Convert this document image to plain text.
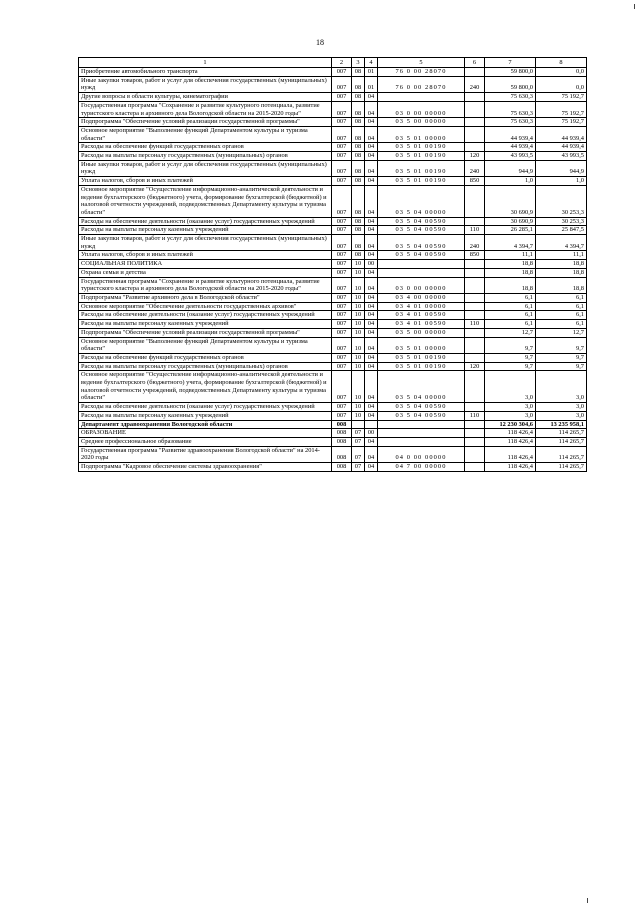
18
1	2	3	4	5	6	7	8
Приобретение автомобильного транспорта	007	08	01	76 0 00 28070		59 800,0	0,0
Иные закупки товаров, работ и услуг для обеспечения государственных (муниципальных) нужд	007	08	01	76 0 00 28070	240	59 800,0	0,0
Другие вопросы в области культуры, кинематографии	007	08	04			75 630,3	75 192,7
Государственная программа "Сохранение и развитие культурного потенциала, развитие туристского кластера и архивного дела Вологодской области на 2015-2020 годы"	007	08	04	03 0 00 00000		75 630,3	75 192,7
Подпрограмма "Обеспечение условий реализации государственной программы"	007	08	04	03 5 00 00000		75 630,3	75 192,7
Основное мероприятие "Выполнение функций Департаментом культуры и туризма области"	007	08	04	03 5 01 00000		44 939,4	44 939,4
Расходы на обеспечение функций государственных органов	007	08	04	03 5 01 00190		44 939,4	44 939,4
Расходы на выплаты персоналу государственных (муниципальных) органов	007	08	04	03 5 01 00190	120	43 993,5	43 993,5
Иные закупки товаров, работ и услуг для обеспечения государственных (муниципальных) нужд	007	08	04	03 5 01 00190	240	944,9	944,9
Уплата налогов, сборов и иных платежей	007	08	04	03 5 01 00190	850	1,0	1,0
Основное мероприятие "Осуществление информационно-аналитической деятельности и ведение бухгалтерского (бюджетного) учета, формирование бухгалтерской (бюджетной) и налоговой отчетности учреждений, подведомственных Департаменту культуры и туризма области"	007	08	04	03 5 04 00000		30 690,9	30 253,3
Расходы на обеспечение деятельности (оказание услуг) государственных учреждений	007	08	04	03 5 04 00590		30 690,9	30 253,3
Расходы на выплаты персоналу казенных учреждений	007	08	04	03 5 04 00590	110	26 285,1	25 847,5
Иные закупки товаров, работ и услуг для обеспечения государственных (муниципальных) нужд	007	08	04	03 5 04 00590	240	4 394,7	4 394,7
Уплата налогов, сборов и иных платежей	007	08	04	03 5 04 00590	850	11,1	11,1
СОЦИАЛЬНАЯ ПОЛИТИКА	007	10	00			18,8	18,8
Охрана семьи и детства	007	10	04			18,8	18,8
Государственная программа "Сохранение и развитие культурного потенциала, развитие туристского кластера и архивного дела Вологодской области на 2015-2020 годы"	007	10	04	03 0 00 00000		18,8	18,8
Подпрограмма "Развитие архивного дела в Вологодской области"	007	10	04	03 4 00 00000		6,1	6,1
Основное мероприятие "Обеспечение деятельности государственных архивов"	007	10	04	03 4 01 00000		6,1	6,1
Расходы на обеспечение деятельности (оказание услуг) государственных учреждений	007	10	04	03 4 01 00590		6,1	6,1
Расходы на выплаты персоналу казенных учреждений	007	10	04	03 4 01 00590	110	6,1	6,1
Подпрограмма "Обеспечение условий реализации государственной программы"	007	10	04	03 5 00 00000		12,7	12,7
Основное мероприятие "Выполнение функций Департаментом культуры и туризма области"	007	10	04	03 5 01 00000		9,7	9,7
Расходы на обеспечение функций государственных органов	007	10	04	03 5 01 00190		9,7	9,7
Расходы на выплаты персоналу государственных (муниципальных) органов	007	10	04	03 5 01 00190	120	9,7	9,7
Основное мероприятие "Осуществление информационно-аналитической деятельности и ведение бухгалтерского (бюджетного) учета, формирование бухгалтерской (бюджетной) и налоговой отчетности учреждений, подведомственных Департаменту культуры и туризма области"	007	10	04	03 5 04 00000		3,0	3,0
Расходы на обеспечение деятельности (оказание услуг) государственных учреждений	007	10	04	03 5 04 00590		3,0	3,0
Расходы на выплаты персоналу казенных учреждений	007	10	04	03 5 04 00590	110	3,0	3,0
Департамент здравоохранения Вологодской области	008					12 230 304,6	13 235 958,1
ОБРАЗОВАНИЕ	008	07	00			118 426,4	114 265,7
Среднее профессиональное образование	008	07	04			118 426,4	114 265,7
Государственная программа "Развитие здравоохранения Вологодской области" на 2014-2020 годы	008	07	04	04 0 00 00000		118 426,4	114 265,7
Подпрограмма "Кадровое обеспечение системы здравоохранения"	008	07	04	04 7 00 00000		118 426,4	114 265,7
